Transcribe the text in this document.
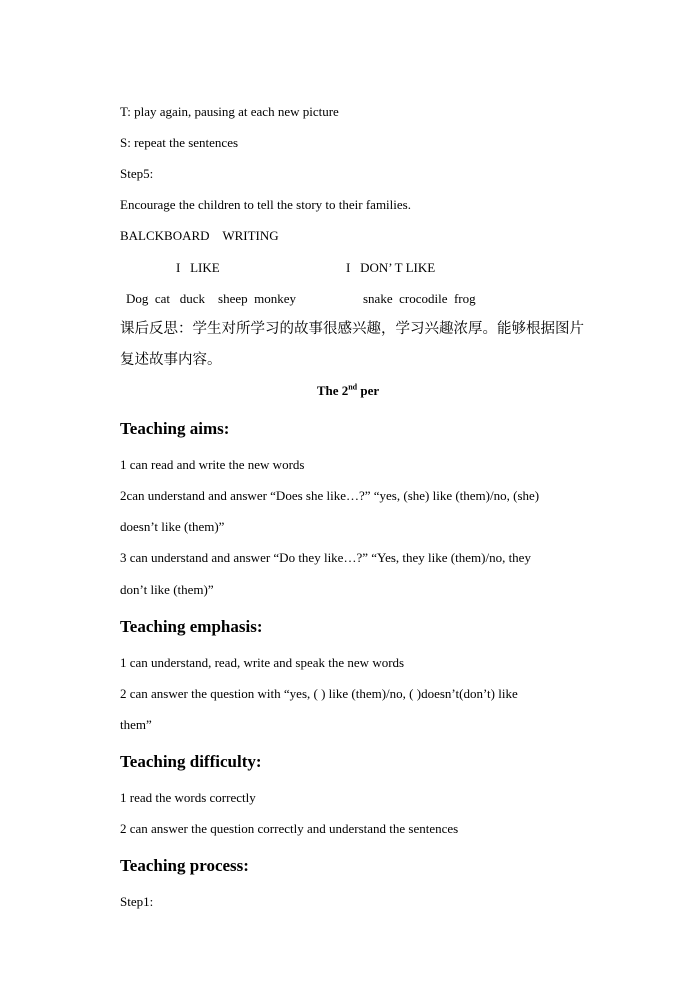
T: play again, pausing at each new picture
S: repeat the sentences
Step5:
Encourage the children to tell the story to their families.
BALCKBOARD    WRITING
I   LIKE	I   DON’ T LIKE
Dog  cat   duck    sheep  monkey	snake  crocodile  frog
课后反思：学生对所学习的故事很感兴趣，学习兴趣浓厚。能够根据图片
复述故事内容。
The 2nd per
Teaching aims:
1 can read and write the new words
2can understand and answer “Does she like…?” “yes, (she) like (them)/no, (she)
doesn’t like (them)”
3 can understand and answer “Do they like…?” “Yes, they like (them)/no, they
don’t like (them)”
Teaching emphasis:
1 can understand, read, write and speak the new words
2 can answer the question with “yes, ( ) like (them)/no, ( )doesn’t(don’t) like
them”
Teaching difficulty:
1 read the words correctly
2 can answer the question correctly and understand the sentences
Teaching process:
Step1:
